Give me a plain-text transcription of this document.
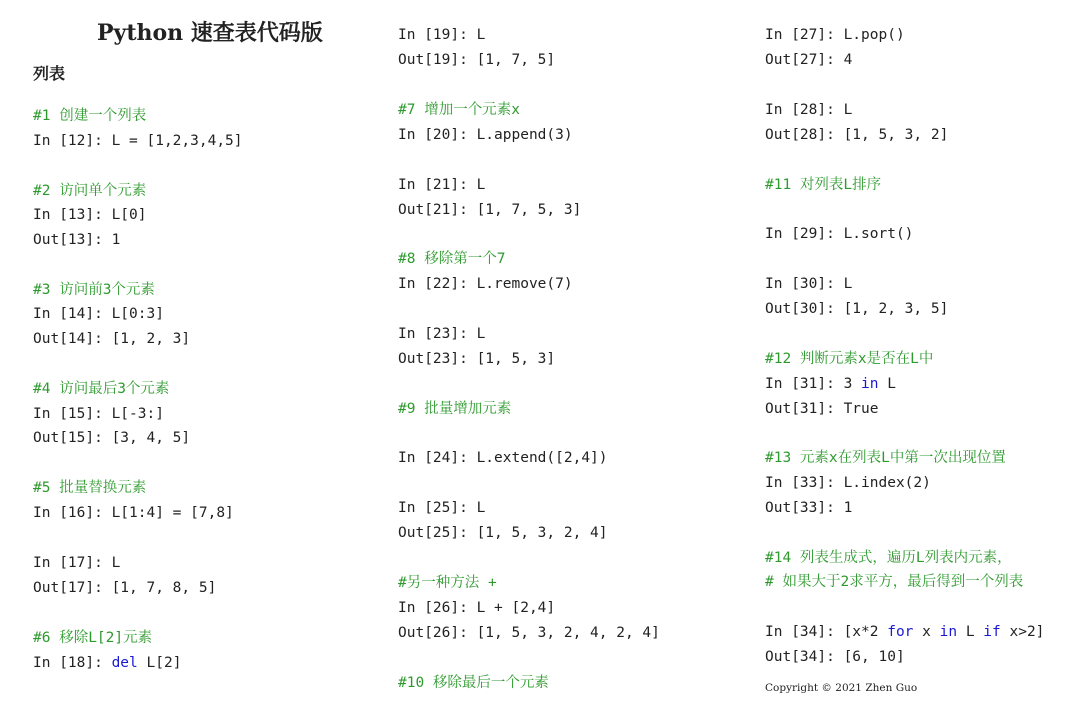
Python 速查表代码版
列表
#1 创建一个列表
In [12]: L = [1,2,3,4,5]
#2 访问单个元素
In [13]: L[0]
Out[13]: 1
#3 访问前3个元素
In [14]: L[0:3]
Out[14]: [1, 2, 3]
#4 访问最后3个元素
In [15]: L[-3:]
Out[15]: [3, 4, 5]
#5 批量替换元素
In [16]: L[1:4] = [7,8]
In [17]: L
Out[17]: [1, 7, 8, 5]
#6 移除L[2]元素
In [18]: del L[2]
In [19]: L
Out[19]: [1, 7, 5]
#7 增加一个元素x
In [20]: L.append(3)
In [21]: L
Out[21]: [1, 7, 5, 3]
#8 移除第一个7
In [22]: L.remove(7)
In [23]: L
Out[23]: [1, 5, 3]
#9 批量增加元素
In [24]: L.extend([2,4])
In [25]: L
Out[25]: [1, 5, 3, 2, 4]
#另一种方法 +
In [26]: L + [2,4]
Out[26]: [1, 5, 3, 2, 4, 2, 4]
#10 移除最后一个元素
In [27]: L.pop()
Out[27]: 4
In [28]: L
Out[28]: [1, 5, 3, 2]
#11 对列表L排序
In [29]: L.sort()
In [30]: L
Out[30]: [1, 2, 3, 5]
#12 判断元素x是否在L中
In [31]: 3 in L
Out[31]: True
#13 元素x在列表L中第一次出现位置
In [33]: L.index(2)
Out[33]: 1
#14 列表生成式，遍历L列表内元素，
# 如果大于2求平方，最后得到一个列表
In [34]: [x*2 for x in L if x>2]
Out[34]: [6, 10]
Copyright © 2021 Zhen Guo
